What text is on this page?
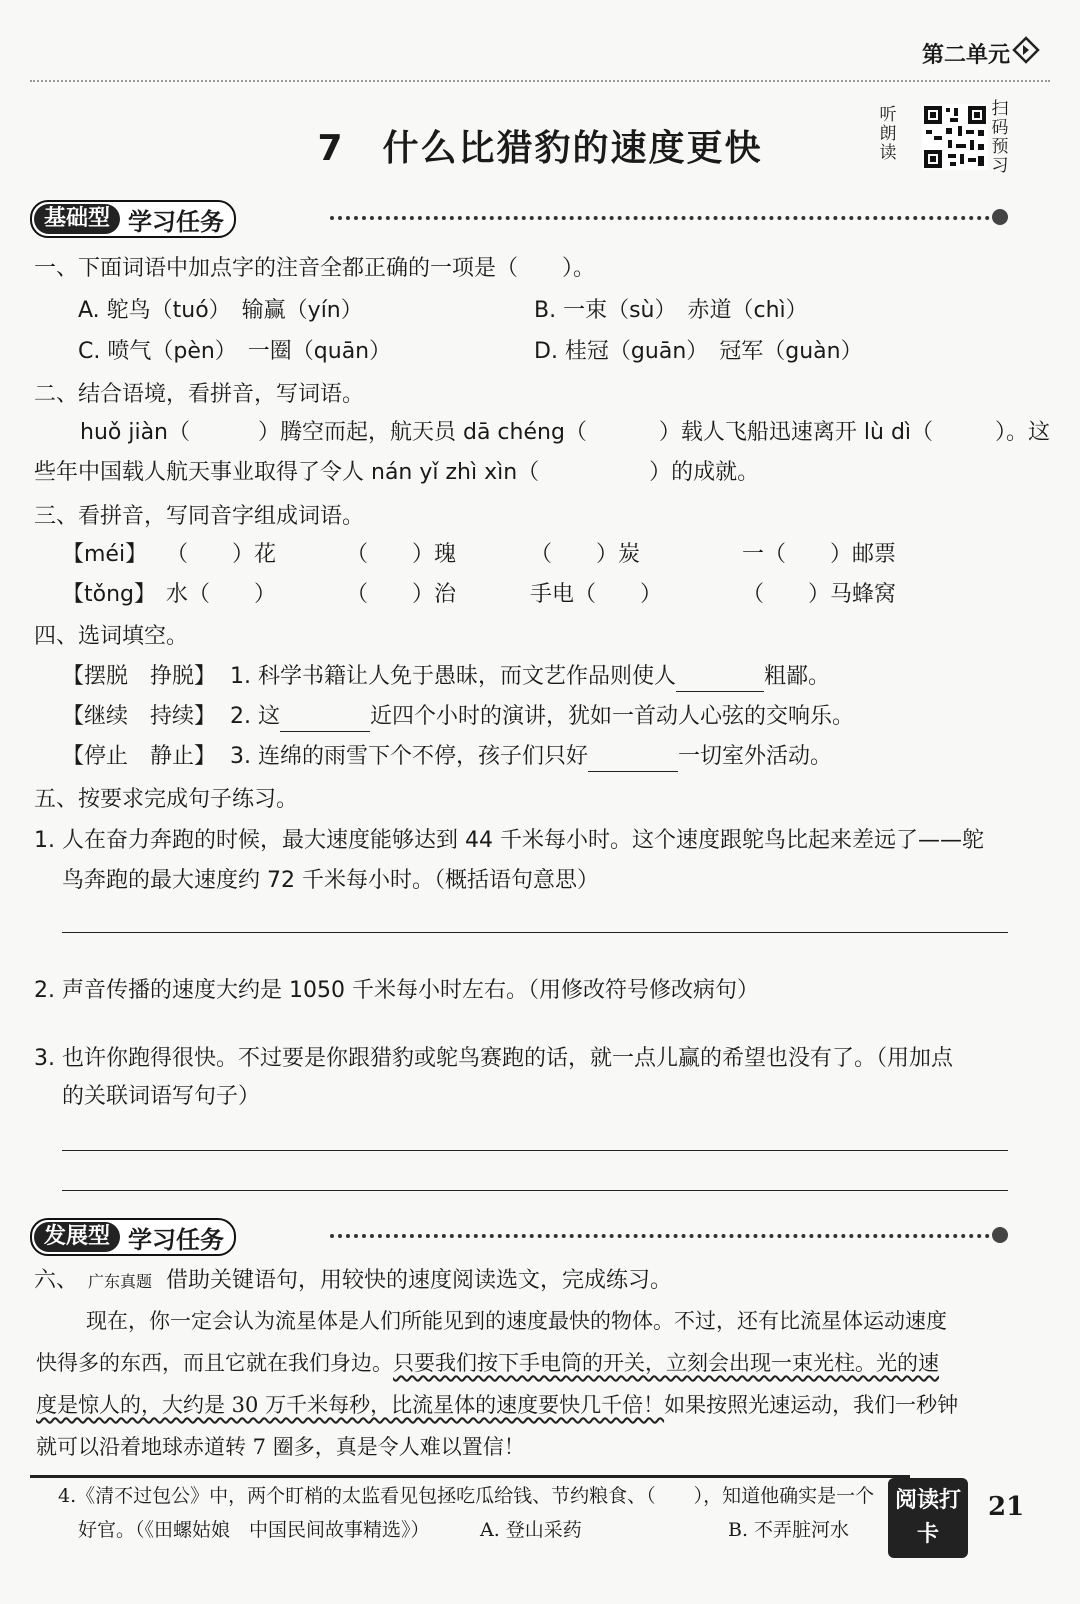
第二单元
7　什么比猎豹的速度更快
听朗读
扫码预习
基础型 学习任务
一、下面词语中加点字的注音全都正确的一项是（　　）。
A. 鸵鸟（tuó）　输赢（yín）	B. 一束（sù）　赤道（chì）
C. 喷气（pèn）　一圈（quān）	D. 桂冠（guān）　冠军（guàn）
二、结合语境，看拼音，写词语。
huǒ jiàn（	）腾空而起，航天员 dā chéng（	）载人飞船迅速离开 lù dì（	）。这
些年中国载人航天事业取得了令人 nán yǐ zhì xìn（	）的成就。
三、看拼音，写同音字组成词语。
【méi】 （　　）花	（　　）瑰	（　　）炭	一（　　）邮票
【tǒng】 水（　　）	（　　）治	手电（　　）	（　　）马蜂窝
四、选词填空。
【摆脱　挣脱】 1. 科学书籍让人免于愚昧，而文艺作品则使人	粗鄙。
【继续　持续】 2. 这	近四个小时的演讲，犹如一首动人心弦的交响乐。
【停止　静止】 3. 连绵的雨雪下个不停，孩子们只好	一切室外活动。
五、按要求完成句子练习。
1. 人在奋力奔跑的时候，最大速度能够达到 44 千米每小时。这个速度跟鸵鸟比起来差远了——鸵
鸟奔跑的最大速度约 72 千米每小时。（概括语句意思）
2. 声音传播的速度大约是 1050 千米每小时左右。（用修改符号修改病句）
3. 也许你跑得很快。不过要是你跟猎豹或鸵鸟赛跑的话，就一点儿赢的希望也没有了。（用加点
的关联词语写句子）
发展型 学习任务
六、 广东真题 借助关键语句，用较快的速度阅读选文，完成练习。
现在，你一定会认为流星体是人们所能见到的速度最快的物体。不过，还有比流星体运动速度
快得多的东西，而且它就在我们身边。只要我们按下手电筒的开关，立刻会出现一束光柱。光的速
度是惊人的，大约是 30 万千米每秒，比流星体的速度要快几千倍！如果按照光速运动，我们一秒钟
就可以沿着地球赤道转 7 圈多，真是令人难以置信！
4.《清不过包公》中，两个盯梢的太监看见包拯吃瓜给钱、节约粮食、（　　），知道他确实是一个
好官。（《田螺姑娘　中国民间故事精选》）	A. 登山采药	B. 不弄脏河水
阅读打卡
21
